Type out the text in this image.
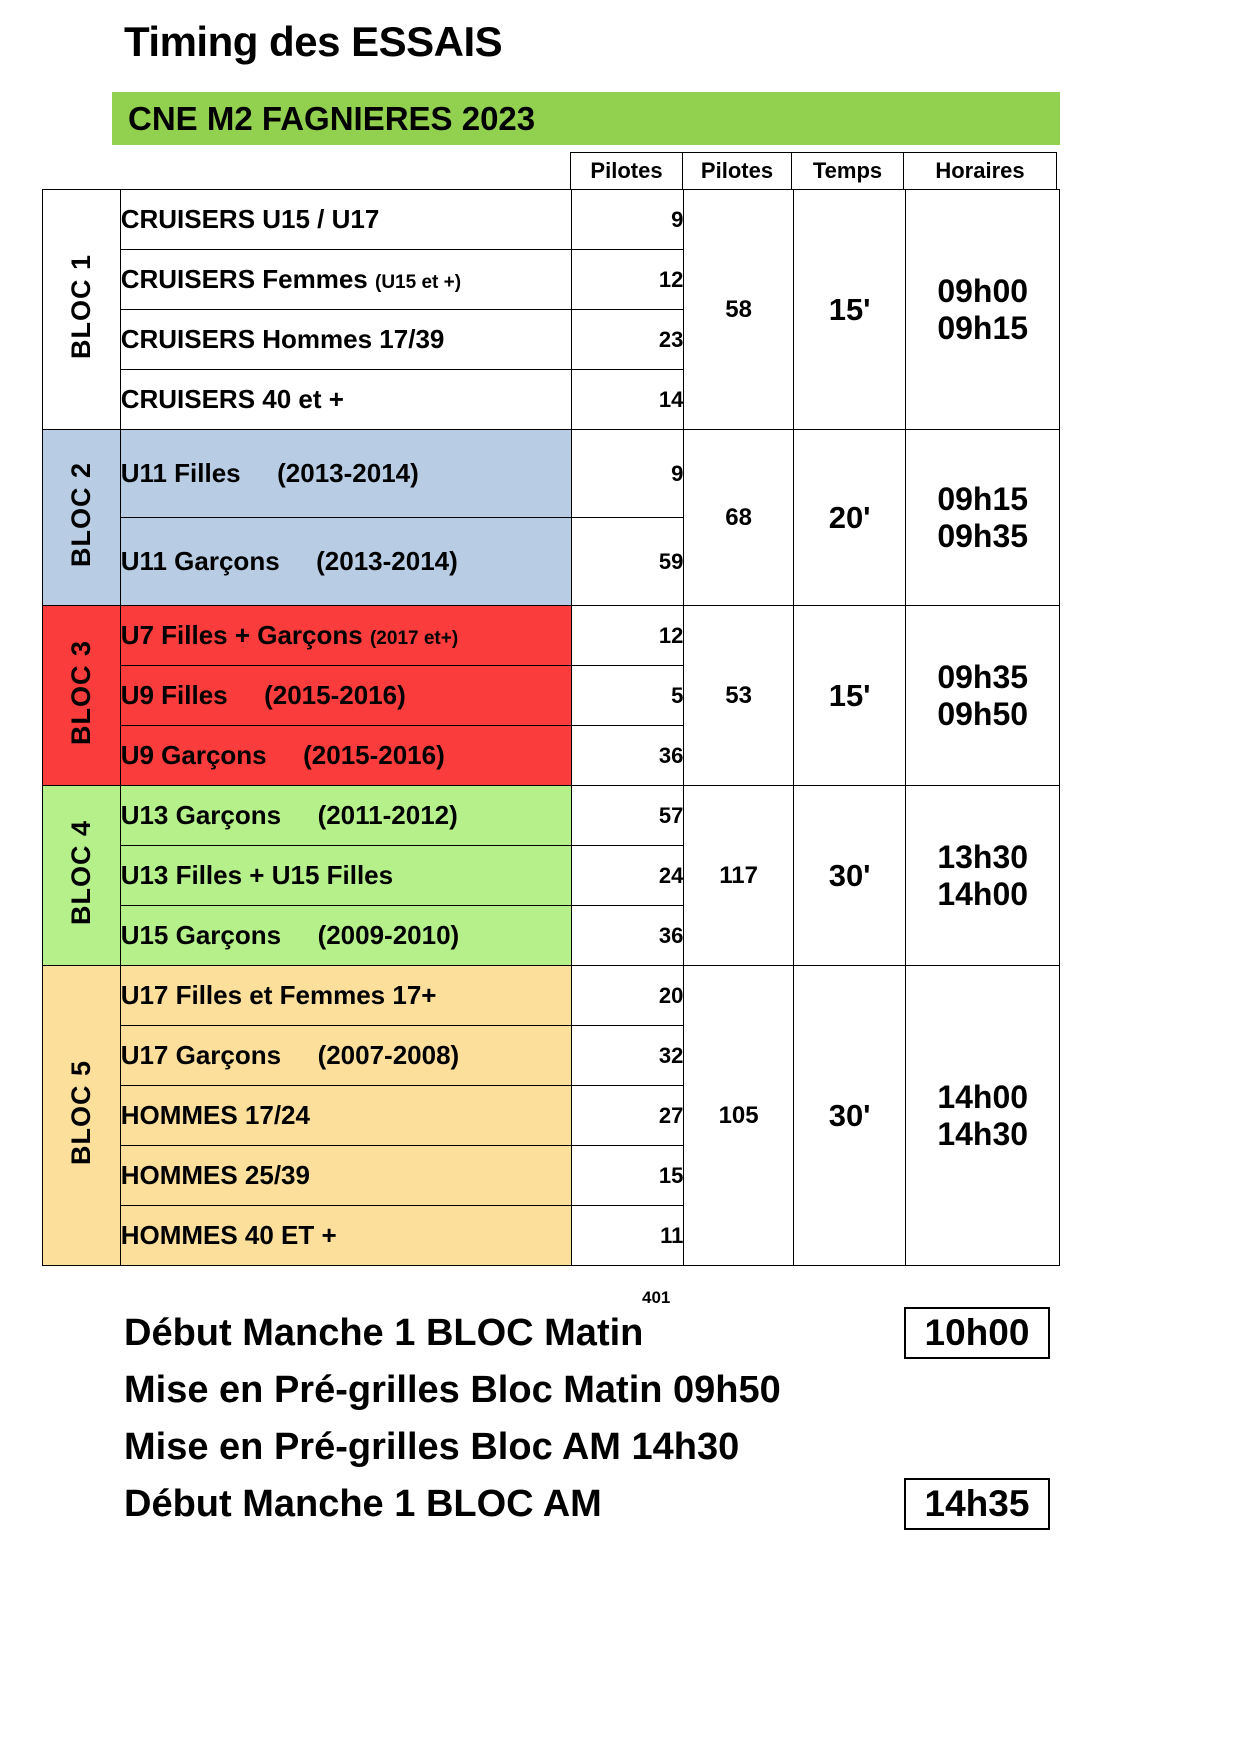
Timing des ESSAIS
CNE M2 FAGNIERES 2023
Pilotes	Pilotes	Temps	Horaires
BLOC 1	CRUISERS U15 / U17	9	58	15'	09h00
09h15

	CRUISERS Femmes (U15 et +)	12			
	CRUISERS Hommes 17/39	23			
	CRUISERS 40 et +	14			
BLOC 2	U11 Filles (2013-2014)	9	68	20'	09h15
09h35

	U11 Garçons (2013-2014)	59			
BLOC 3	U7 Filles + Garçons (2017 et+)	12	53	15'	09h35
09h50

	U9 Filles (2015-2016)	5			
	U9 Garçons (2015-2016)	36			
BLOC 4	U13 Garçons (2011-2012)	57	117	30'	13h30
14h00

	U13 Filles + U15 Filles	24			
	U15 Garçons (2009-2010)	36			
BLOC 5	U17 Filles et Femmes 17+	20	105	30'	14h00
14h30

	U17 Garçons (2007-2008)	32			
	HOMMES 17/24	27			
	HOMMES 25/39	15			
	HOMMES 40 ET +	11			
401
Début Manche 1 BLOC Matin	10h00
Mise en Pré-grilles Bloc Matin 09h50
Mise en Pré-grilles Bloc AM 14h30
Début Manche 1 BLOC AM	14h35
